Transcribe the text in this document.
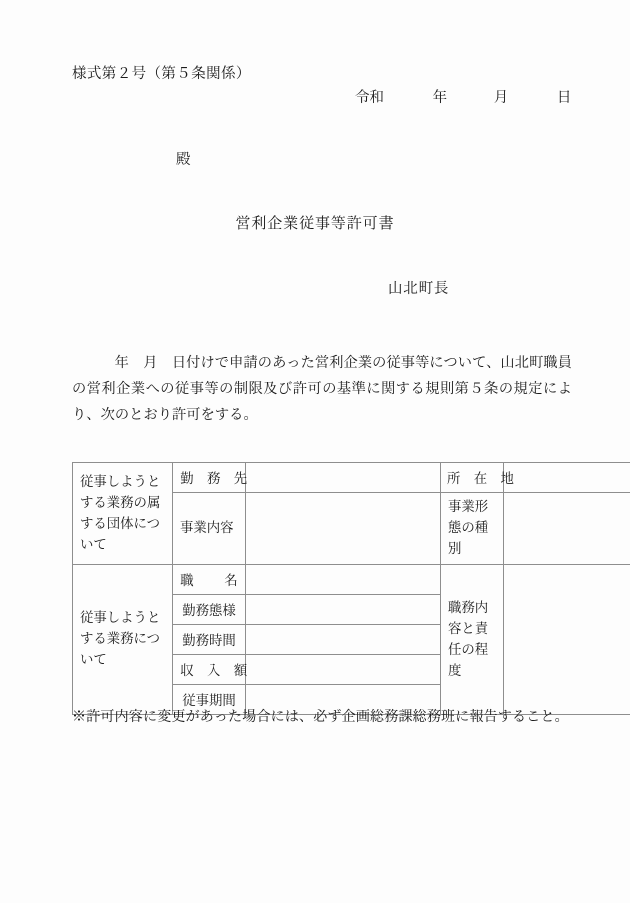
様式第２号（第５条関係）
令和	年	月	日
殿
営利企業従事等許可書
山北町長
年　月　日付けで申請のあった営利企業の従事等について、山北町職員の営利企業への従事等の制限及び許可の基準に関する規則第５条の規定により、次のとおり許可をする。
従事しようとする業務の属する団体について	勤　務　先		所　在　地	

	事業内容		事業形態の種別	

従事しようとする業務について	職　　名		職務内容と責任の程度	

	勤務態様			

	勤務時間			

	収　入　額			

	従事期間			

※許可内容に変更があった場合には、必ず企画総務課総務班に報告すること。
